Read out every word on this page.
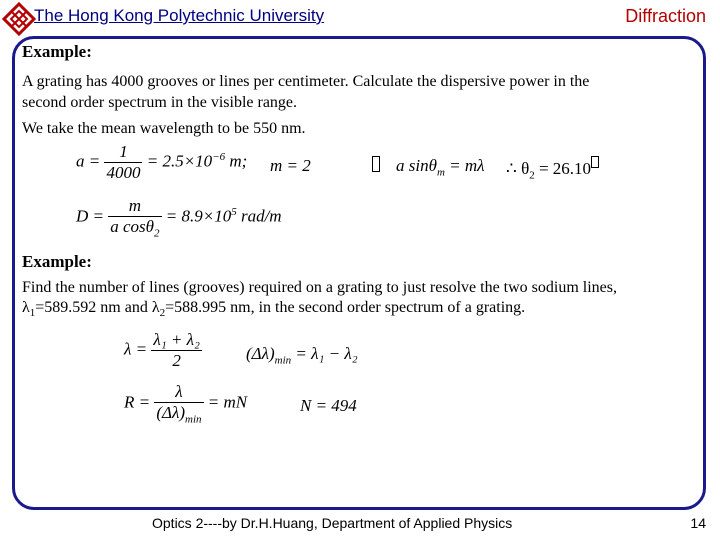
The Hong Kong Polytechnic University	Diffraction
Example:
A grating has 4000 grooves or lines per centimeter. Calculate the dispersive power in the
second order spectrum in the visible range.
We take the mean wavelength to be 550 nm.
$a = \frac{1}{4000} = 2.5\times 10^{-6}$ m; m = 2	a sinθ$_m$ = mλ ∴ $\theta_2 = 26.10$
$D = \frac{m}{a \cos\theta_2} = 8.9\times 10^5$ rad/m
Example:
Find the number of lines (grooves) required on a grating to just resolve the two sodium lines,
$\lambda_1=589.592$ nm and $\lambda_2=588.995$ nm, in the second order spectrum of a grating.
$\lambda = \frac{\text{λ₁ + λ₂}}{2}$	$(\Delta\lambda)_{min} = \lambda_1 - \lambda_2$
$R = \frac{\lambda}{(\Delta\lambda)_{min}}$ = mN	N = 494
Optics 2----by Dr.H.Huang, Department of Applied Physics	14
